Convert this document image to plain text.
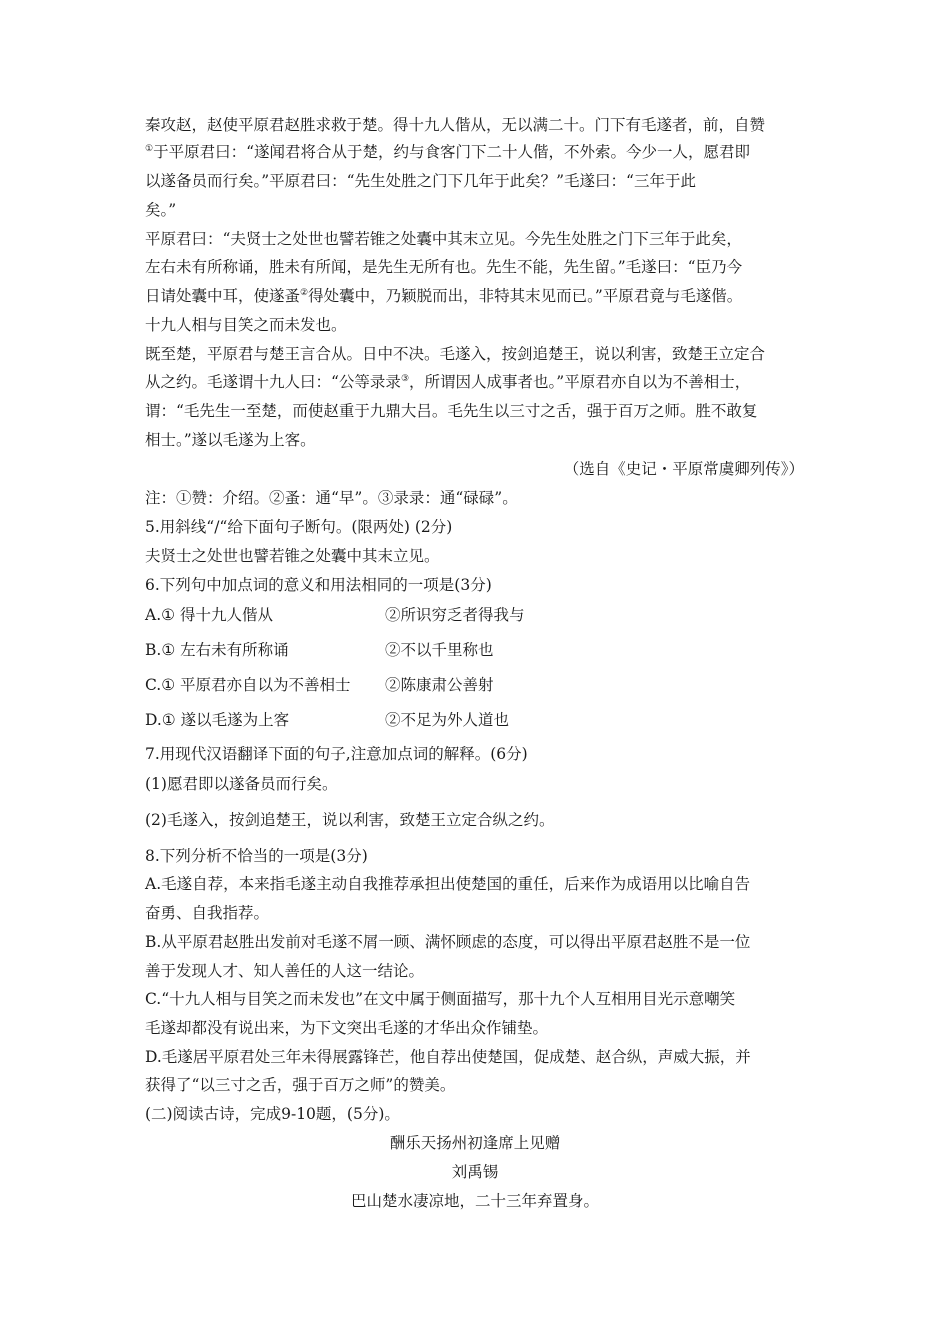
秦攻赵，赵使平原君赵胜求救于楚。得十九人偕从，无以满二十。门下有毛遂者，前，自赞
①于平原君曰：“遂闻君将合从于楚，约与食客门下二十人偕，不外索。今少一人，愿君即
以遂备员而行矣。”平原君曰：“先生处胜之门下几年于此矣？”毛遂曰：“三年于此
矣。”
平原君曰：“夫贤士之处世也譬若锥之处囊中其末立见。今先生处胜之门下三年于此矣，
左右未有所称诵，胜未有所闻，是先生无所有也。先生不能，先生留。”毛遂曰：“臣乃今
日请处囊中耳，使遂蚤②得处囊中，乃颖脱而出，非特其末见而已。”平原君竟与毛遂偕。
十九人相与目笑之而未发也。
既至楚，平原君与楚王言合从。日中不决。毛遂入，按剑追楚王，说以利害，致楚王立定合
从之约。毛遂谓十九人曰：“公等录录③，所谓因人成事者也。”平原君亦自以为不善相士，
谓：“毛先生一至楚，而使赵重于九鼎大吕。毛先生以三寸之舌，强于百万之师。胜不敢复
相士。”遂以毛遂为上客。
（选自《史记・平原常虞卿列传》）
注：①赞：介绍。②蚤：通“早”。③录录：通“碌碌”。
5.用斜线“/“给下面句子断句。(限两处) (2分)
夫贤士之处世也譬若锥之处囊中其末立见。
6.下列句中加点词的意义和用法相同的一项是(3分)
A.① 得十九人偕从	②所识穷乏者得我与
B.① 左右未有所称诵	②不以千里称也
C.① 平原君亦自以为不善相士 ②陈康肃公善射
D.① 遂以毛遂为上客	②不足为外人道也
7.用现代汉语翻译下面的句子,注意加点词的解释。(6分)
(1)愿君即以遂备员而行矣。
(2)毛遂入，按剑追楚王，说以利害，致楚王立定合纵之约。
8.下列分析不恰当的一项是(3分)
A.毛遂自荐，本来指毛遂主动自我推荐承担出使楚国的重任，后来作为成语用以比喻自告
奋勇、自我指荐。
B.从平原君赵胜出发前对毛遂不屑一顾、满怀顾虑的态度，可以得出平原君赵胜不是一位
善于发现人才、知人善任的人这一结论。
C.“十九人相与目笑之而未发也”在文中属于侧面描写，那十九个人互相用目光示意嘲笑
毛遂却都没有说出来，为下文突出毛遂的才华出众作铺垫。
D.毛遂居平原君处三年未得展露锋芒，他自荐出使楚国，促成楚、赵合纵，声威大振，并
获得了“以三寸之舌，强于百万之师”的赞美。
(二)阅读古诗，完成9-10题，(5分)。
酬乐天扬州初逢席上见赠
刘禹锡
巴山楚水凄凉地，二十三年弃置身。
